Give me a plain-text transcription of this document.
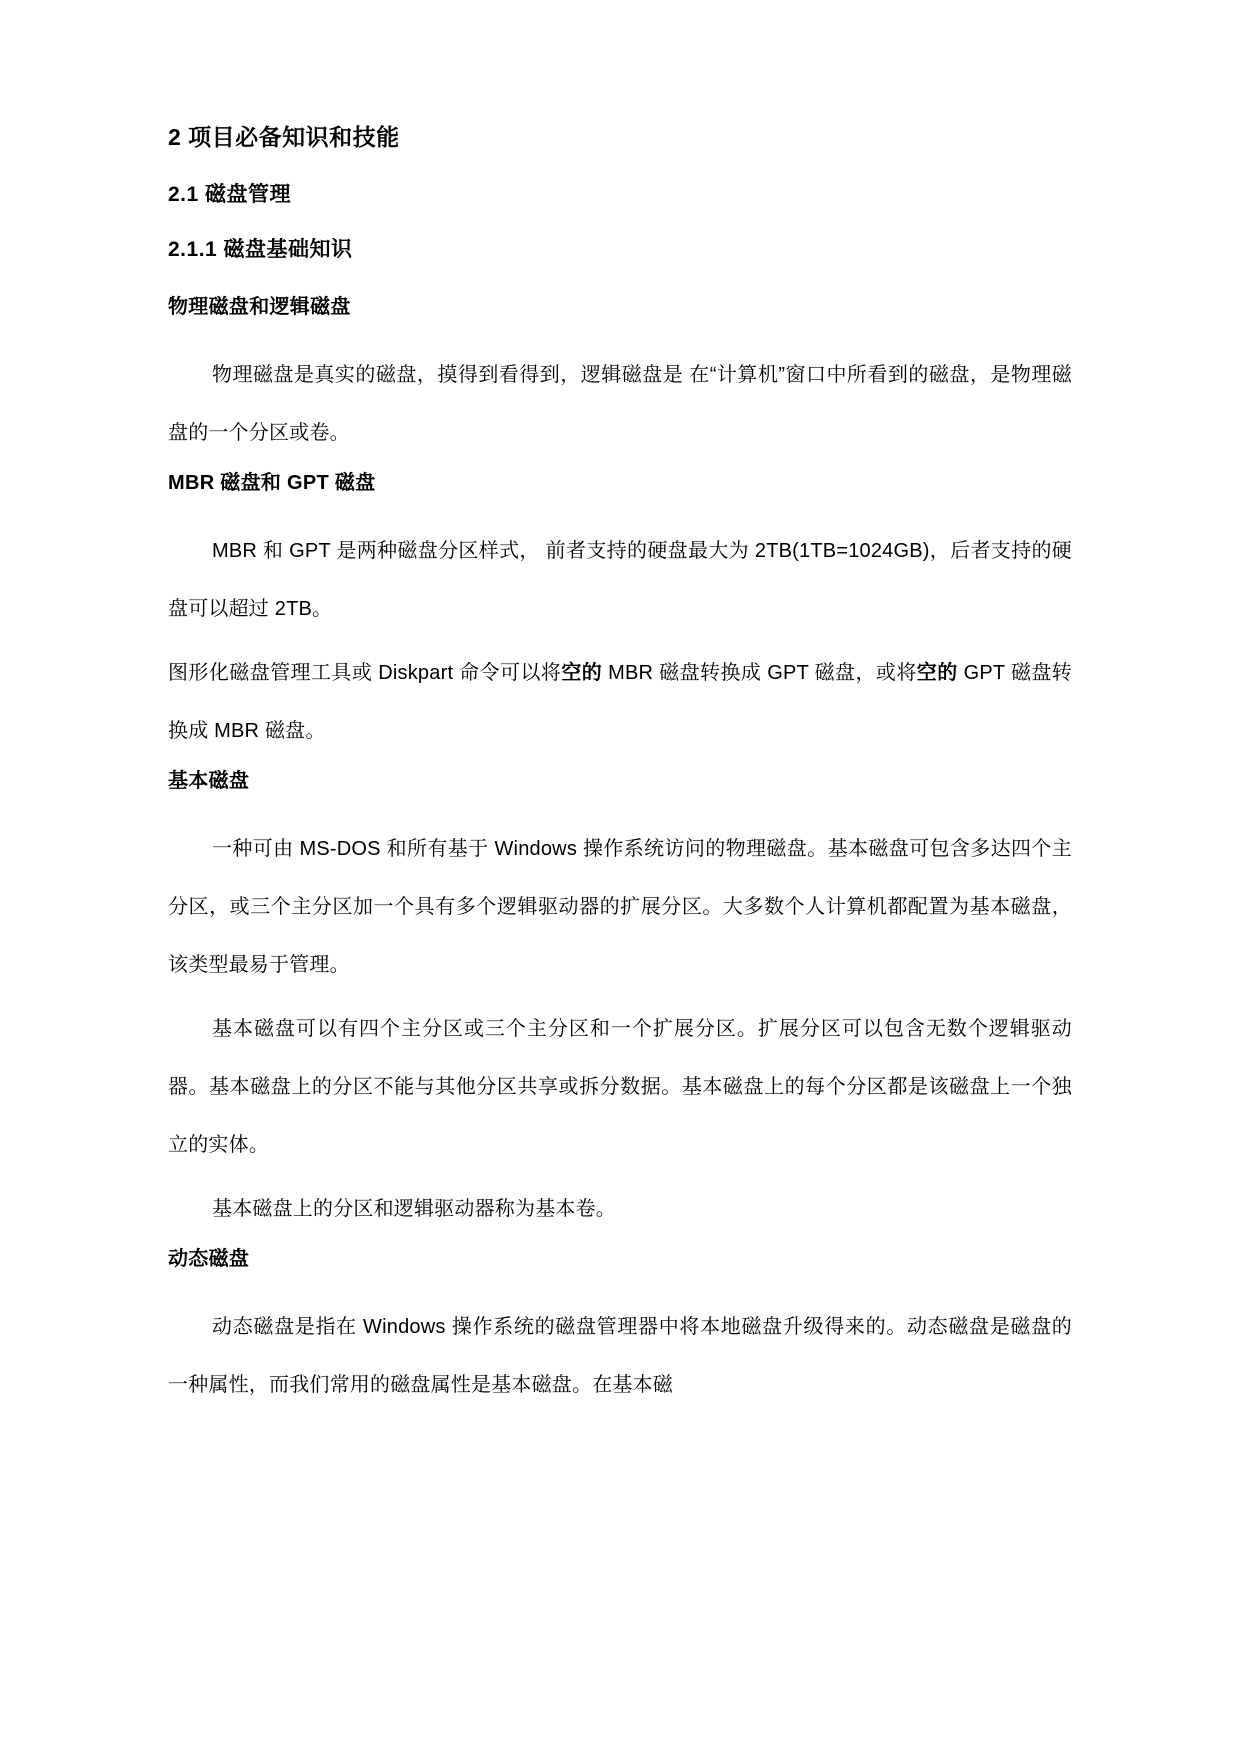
2 项目必备知识和技能
2.1 磁盘管理
2.1.1 磁盘基础知识
物理磁盘和逻辑磁盘

物理磁盘是真实的磁盘，摸得到看得到，逻辑磁盘是 在“计算机”窗口中所看到的磁盘，是物理磁盘的一个分区或卷。

MBR 磁盘和 GPT 磁盘

MBR 和 GPT 是两种磁盘分区样式， 前者支持的硬盘最大为 2TB(1TB=1024GB)，后者支持的硬盘可以超过 2TB。

图形化磁盘管理工具或 Diskpart 命令可以将空的 MBR 磁盘转换成 GPT 磁盘，或将空的 GPT 磁盘转换成 MBR 磁盘。

基本磁盘

一种可由 MS-DOS 和所有基于 Windows 操作系统访问的物理磁盘。基本磁盘可包含多达四个主分区，或三个主分区加一个具有多个逻辑驱动器的扩展分区。大多数个人计算机都配置为基本磁盘，该类型最易于管理。

基本磁盘可以有四个主分区或三个主分区和一个扩展分区。扩展分区可以包含无数个逻辑驱动器。基本磁盘上的分区不能与其他分区共享或拆分数据。基本磁盘上的每个分区都是该磁盘上一个独立的实体。

基本磁盘上的分区和逻辑驱动器称为基本卷。

动态磁盘

动态磁盘是指在 Windows 操作系统的磁盘管理器中将本地磁盘升级得来的。动态磁盘是磁盘的一种属性，而我们常用的磁盘属性是基本磁盘。在基本磁
